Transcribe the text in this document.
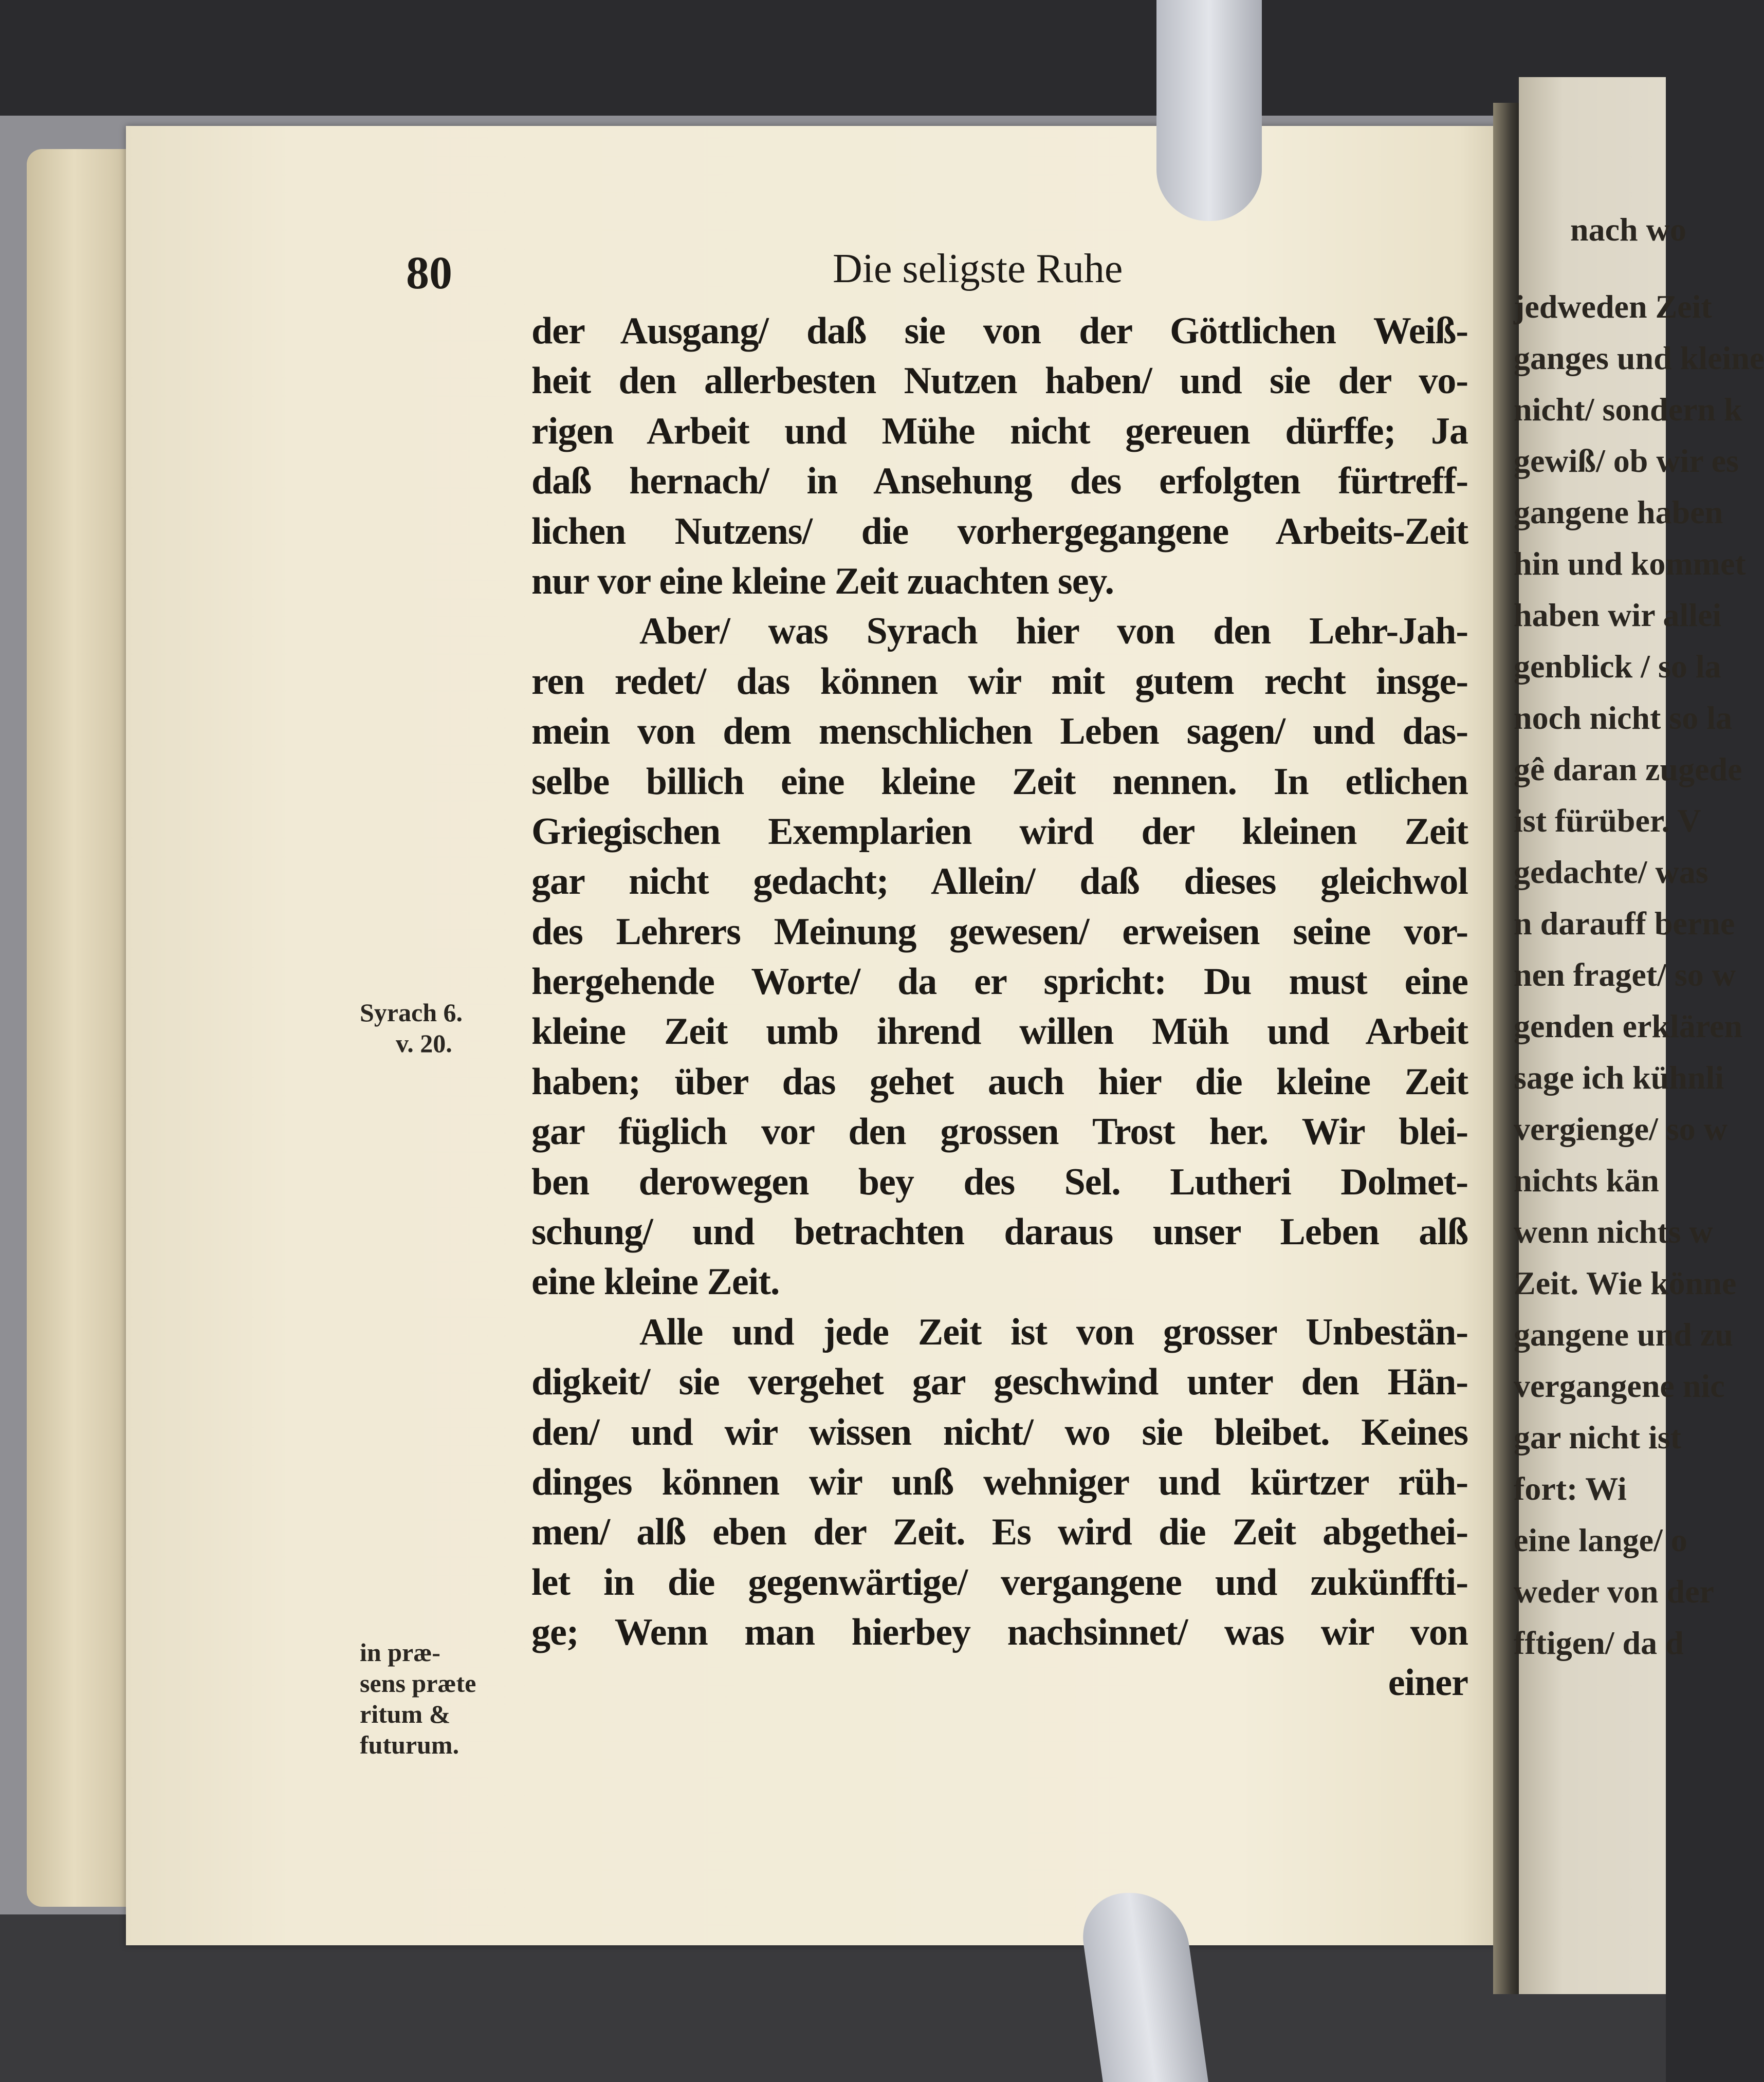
nach wo
jedweden Zeit
ganges und kleine
nicht/ sondern k
gewiß/ ob wir es
gangene haben
hin und kommet
haben wir allei
genblick / so la
noch nicht so la
gê daran zugede
ist fürüber. V
gedachte/ was
n darauff berne
nen fraget/ so w
genden erklären
sage ich kühnli
vergienge/ so w
nichts kän
wenn nichts w
Zeit. Wie könne
gangene und zu
vergangene nic
gar nicht ist
fort: Wi
eine lange/ o
weder von der
fftigen/ da d
80	Die seligste Ruhe
der Ausgang/ daß sie von der Göttlichen Weiß-
heit den allerbesten Nutzen haben/ und sie der vo-
rigen Arbeit und Mühe nicht gereuen dürffe; Ja
daß hernach/ in Ansehung des erfolgten fürtreff-
lichen Nutzens/ die vorhergegangene Arbeits-Zeit
nur vor eine kleine Zeit zuachten sey.
Aber/ was Syrach hier von den Lehr-Jah-
ren redet/ das können wir mit gutem recht insge-
mein von dem menschlichen Leben sagen/ und das-
selbe billich eine kleine Zeit nennen. In etlichen
Griegischen Exemplarien wird der kleinen Zeit
gar nicht gedacht; Allein/ daß dieses gleichwol
des Lehrers Meinung gewesen/ erweisen seine vor-
hergehende Worte/ da er spricht: Du must eine
kleine Zeit umb ihrend willen Müh und Arbeit
haben; über das gehet auch hier die kleine Zeit
gar füglich vor den grossen Trost her. Wir blei-
ben derowegen bey des Sel. Lutheri Dolmet-
schung/ und betrachten daraus unser Leben alß
eine kleine Zeit.
Alle und jede Zeit ist von grosser Unbestän-
digkeit/ sie vergehet gar geschwind unter den Hän-
den/ und wir wissen nicht/ wo sie bleibet. Keines
dinges können wir unß wehniger und kürtzer rüh-
men/ alß eben der Zeit. Es wird die Zeit abgethei-
let in die gegenwärtige/ vergangene und zukünffti-
ge; Wenn man hierbey nachsinnet/ was wir von
einer
Syrach 6.
v. 20.
in præ-
sens præte
ritum &
futurum.
